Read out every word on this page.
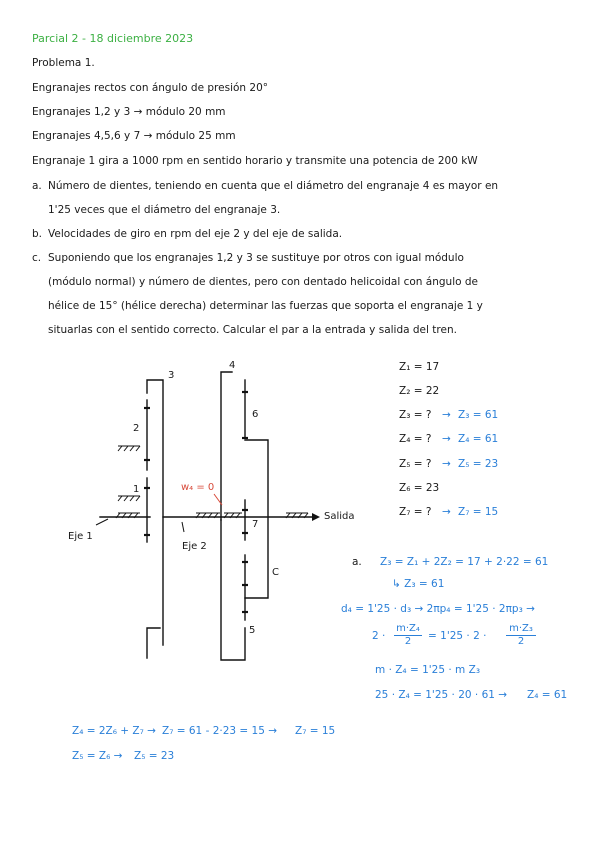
Parcial 2 - 18 diciembre 2023
Problema 1.
Engranajes rectos con ángulo de presión 20°
Engranajes 1,2 y 3 → módulo 20 mm
Engranajes 4,5,6 y 7 → módulo 25 mm
Engranaje 1 gira a 1000 rpm en sentido horario y transmite una potencia de 200 kW
a. Número de dientes, teniendo en cuenta que el diámetro del engranaje 4 es mayor en
1'25 veces que el diámetro del engranaje 3.
b. Velocidades de giro en rpm del eje 2 y del eje de salida.
c. Suponiendo que los engranajes 1,2 y 3 se sustituye por otros con igual módulo
(módulo normal) y número de dientes, pero con dentado helicoidal con ángulo de
hélice de 15° (hélice derecha) determinar las fuerzas que soporta el engranaje 1 y
situarlas con el sentido correcto. Calcular el par a la entrada y salida del tren.
3
2
1
4
6
7
5
C
Eje 1
Eje 2
Salida
w₄ = 0
Z₁ = 17
Z₂ = 22
Z₃ = ? → Z₃ = 61
Z₄ = ? → Z₄ = 61
Z₅ = ? → Z₅ = 23
Z₆ = 23
Z₇ = ? → Z₇ = 15
a. Z₃ = Z₁ + 2Z₂ = 17 + 2·22 = 61
↳ Z₃ = 61
d₄ = 1'25 · d₃ → 2πp₄ = 1'25 · 2πp₃ →
$2 \cdot \frac{\text{m·Z₄}}{2} = 1'25 \cdot 2 \cdot \frac{\text{m·Z₃}}{2}$
m · Z₄ = 1'25 · m Z₃
25 · Z₄ = 1'25 · 20 · 61 → Z₄ = 61
Z₄ = 2Z₆ + Z₇ → Z₇ = 61 - 2·23 = 15 → Z₇ = 15
Z₅ = Z₆ → Z₅ = 23
